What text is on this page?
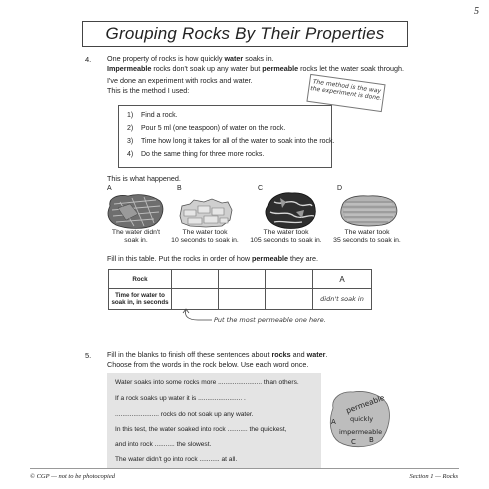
5
Grouping Rocks By Their Properties
4. One property of rocks is how quickly water soaks in.
Impermeable rocks don't soak up any water but permeable rocks let the water soak through.
I've done an experiment with rocks and water.
This is the method I used:	The method is the way the experiment is done.
1) Find a rock.
2) Pour 5 ml (one teaspoon) of water on the rock.
3) Time how long it takes for all of the water to soak into the rock.
4) Do the same thing for three more rocks.
This is what happened.
A	B	C	D
The water didn't
soak in.
The water took
10 seconds to soak in.
The water took
105 seconds to soak in.
The water took
35 seconds to soak in.
Fill in this table. Put the rocks in order of how permeable they are.
Rock				A

Time for water to
soak in, in seconds				didn't soak in
Put the most permeable one here.
5. Fill in the blanks to finish off these sentences about rocks and water.
Choose from the words in the rock below. Use each word once.
Water soaks into some rocks more ........................ than others.
If a rock soaks up water it is ........................ .
........................ rocks do not soak up any water.
In this test, the water soaked into rock ........... the quickest,
and into rock ........... the slowest.
The water didn't go into rock ........... at all.
permeable
A quickly
impermeable
C B
© CGP — not to be photocopied	Section 1 — Rocks
